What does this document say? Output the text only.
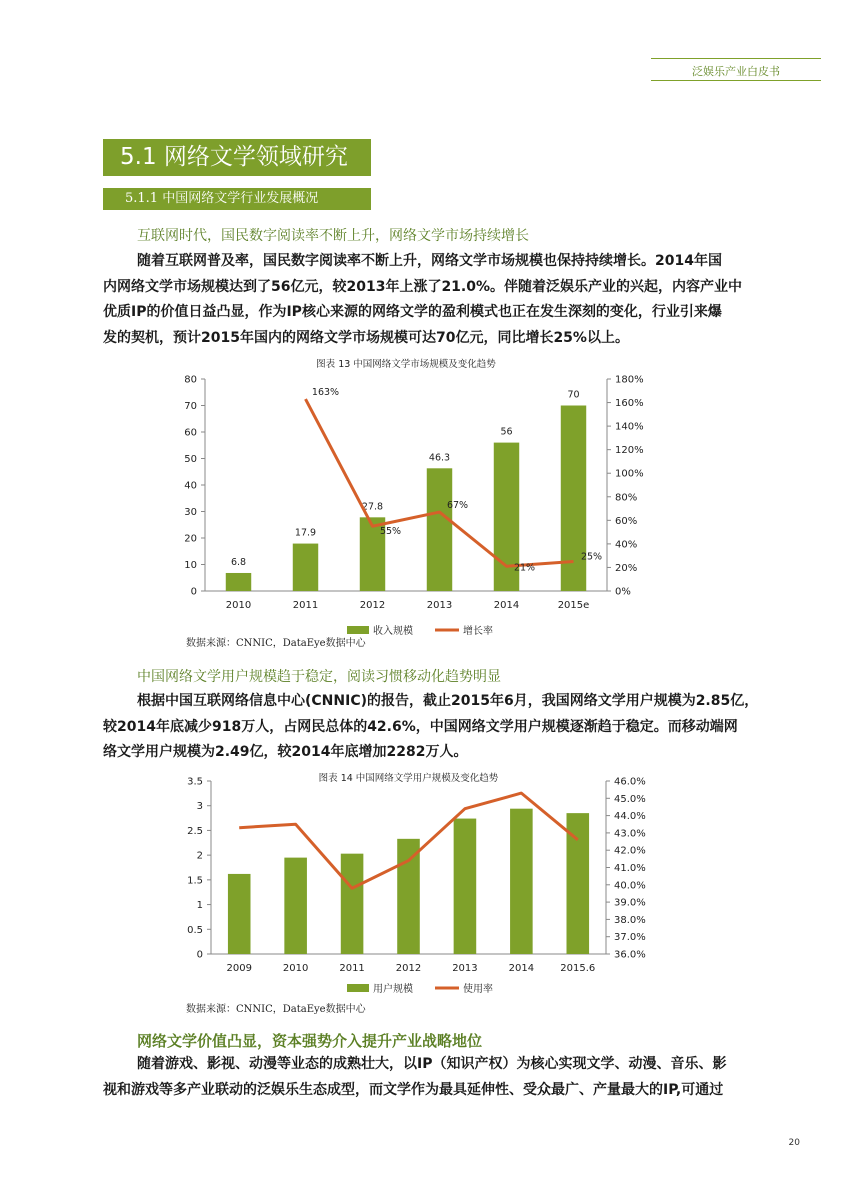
泛娱乐产业白皮书
5.1 网络文学领域研究
5.1.1 中国网络文学行业发展概况
互联网时代，国民数字阅读率不断上升，网络文学市场持续增长
随着互联网普及率，国民数字阅读率不断上升，网络文学市场规模也保持持续增长。2014年国
内网络文学市场规模达到了56亿元，较2013年上涨了21.0%。伴随着泛娱乐产业的兴起，内容产业中
优质IP的价值日益凸显，作为IP核心来源的网络文学的盈利模式也正在发生深刻的变化，行业引来爆
发的契机，预计2015年国内的网络文学市场规模可达70亿元，同比增长25%以上。
图表 13 中国网络文学市场规模及变化趋势
0
10
20
30
40
50
60
70
80
0%
20%
40%
60%
80%
100%
120%
140%
160%
180%
2010	2011	2012	2013	2014	2015e
6.8
17.9
27.8
46.3
56
70
163%
55%
67%
21%
25%
收入规模	增长率
图表 14 中国网络文学用户规模及变化趋势
0
0.5
1
1.5
2
2.5
3
3.5
36.0%
37.0%
38.0%
39.0%
40.0%
41.0%
42.0%
43.0%
44.0%
45.0%
46.0%
2009	2010	2011	2012	2013	2014	2015.6
用户规模	使用率
数据来源：CNNIC，DataEye数据中心
中国网络文学用户规模趋于稳定，阅读习惯移动化趋势明显
根据中国互联网络信息中心(CNNIC)的报告，截止2015年6月，我国网络文学用户规模为2.85亿，
较2014年底减少918万人，占网民总体的42.6%，中国网络文学用户规模逐渐趋于稳定。而移动端网
络文学用户规模为2.49亿，较2014年底增加2282万人。
数据来源：CNNIC，DataEye数据中心
网络文学价值凸显，资本强势介入提升产业战略地位
随着游戏、影视、动漫等业态的成熟壮大，以IP（知识产权）为核心实现文学、动漫、音乐、影
视和游戏等多产业联动的泛娱乐生态成型，而文学作为最具延伸性、受众最广、产量最大的IP,可通过
20
